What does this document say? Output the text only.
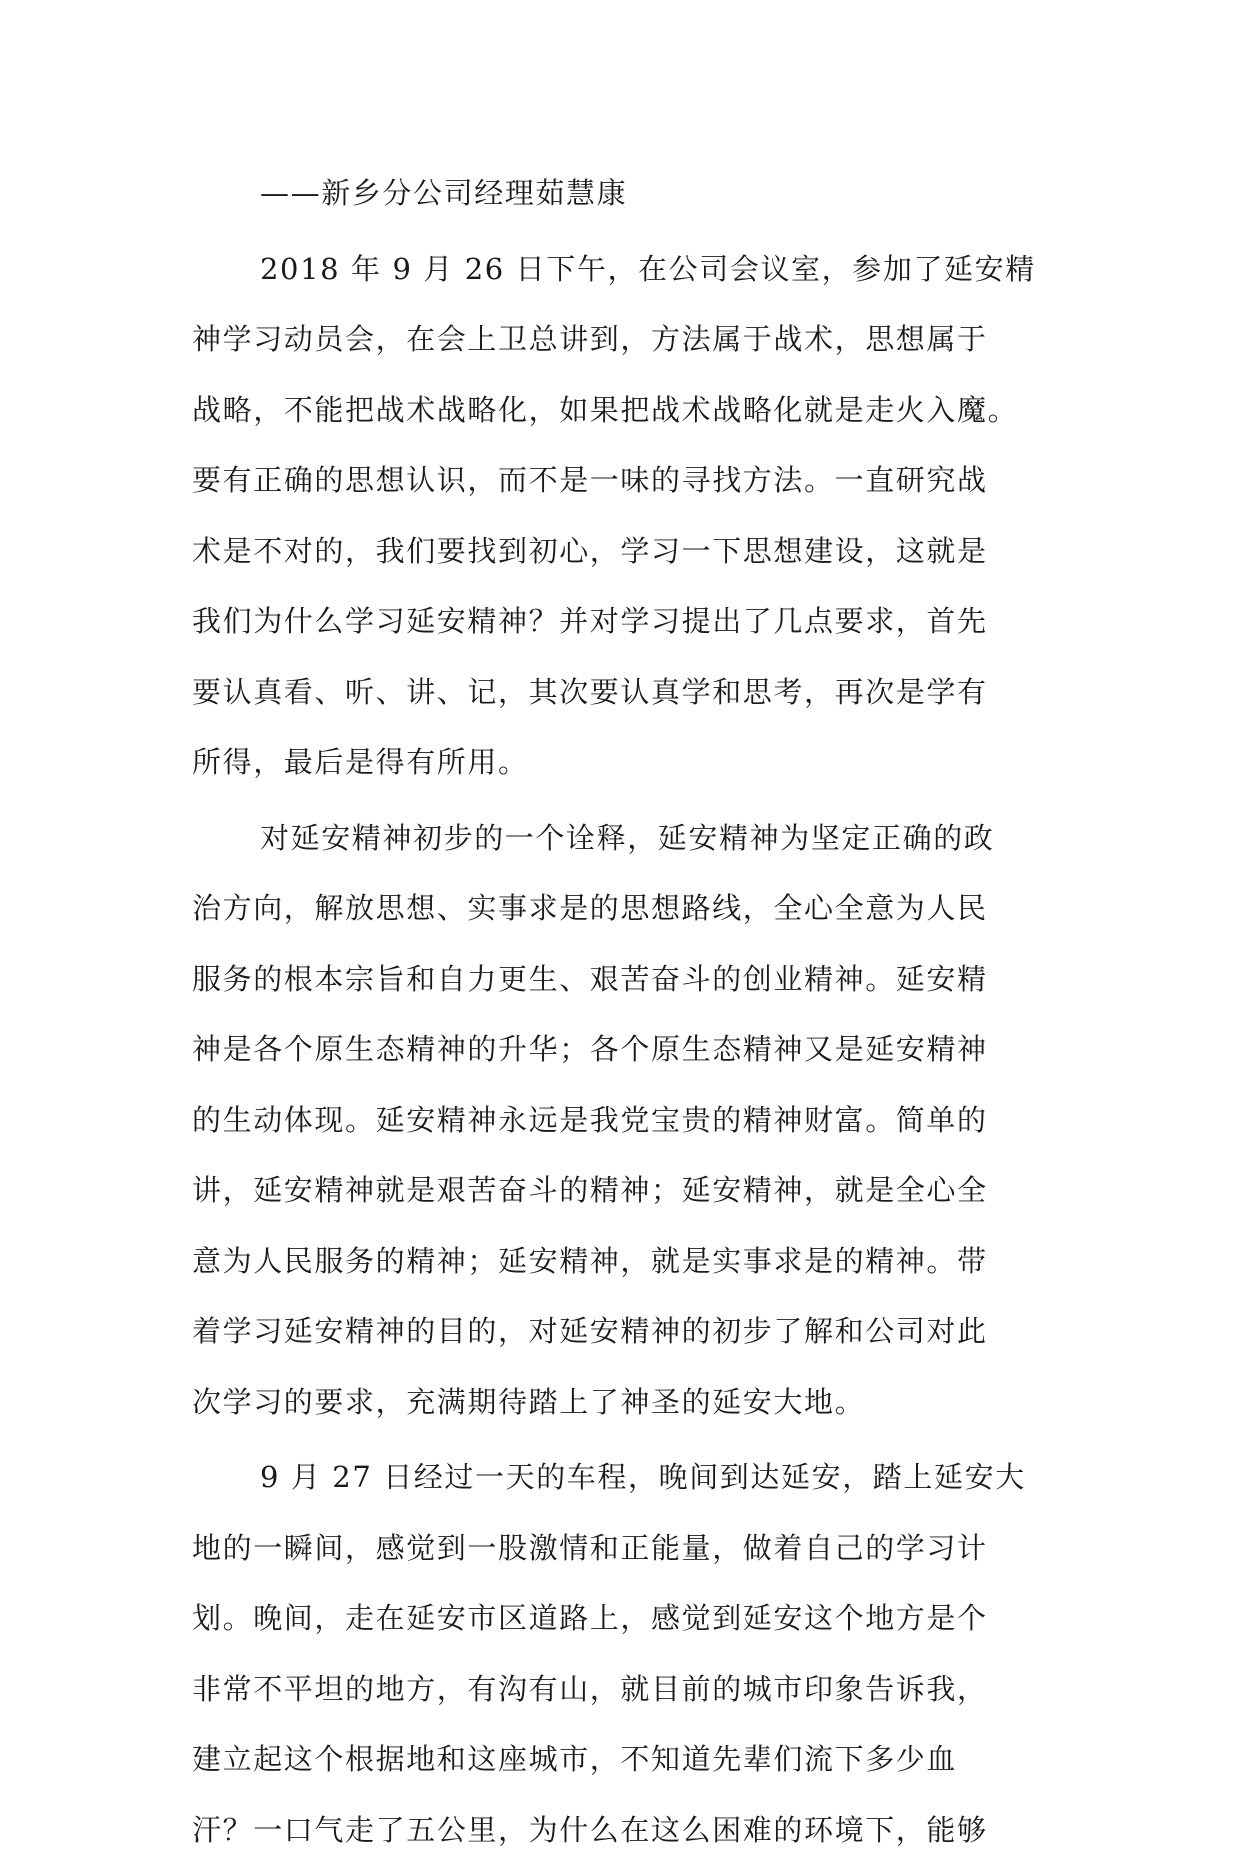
——新乡分公司经理茹慧康
2018 年 9 月 26 日下午，在公司会议室，参加了延安精
神学习动员会，在会上卫总讲到，方法属于战术，思想属于
战略，不能把战术战略化，如果把战术战略化就是走火入魔。
要有正确的思想认识，而不是一味的寻找方法。一直研究战
术是不对的，我们要找到初心，学习一下思想建设，这就是
我们为什么学习延安精神？并对学习提出了几点要求，首先
要认真看、听、讲、记，其次要认真学和思考，再次是学有
所得，最后是得有所用。
对延安精神初步的一个诠释，延安精神为坚定正确的政
治方向，解放思想、实事求是的思想路线，全心全意为人民
服务的根本宗旨和自力更生、艰苦奋斗的创业精神。延安精
神是各个原生态精神的升华；各个原生态精神又是延安精神
的生动体现。延安精神永远是我党宝贵的精神财富。简单的
讲，延安精神就是艰苦奋斗的精神；延安精神，就是全心全
意为人民服务的精神；延安精神，就是实事求是的精神。带
着学习延安精神的目的，对延安精神的初步了解和公司对此
次学习的要求，充满期待踏上了神圣的延安大地。
9 月 27 日经过一天的车程，晚间到达延安，踏上延安大
地的一瞬间，感觉到一股激情和正能量，做着自己的学习计
划。晚间，走在延安市区道路上，感觉到延安这个地方是个
非常不平坦的地方，有沟有山，就目前的城市印象告诉我，
建立起这个根据地和这座城市，不知道先辈们流下多少血
汗？一口气走了五公里，为什么在这么困难的环境下，能够
